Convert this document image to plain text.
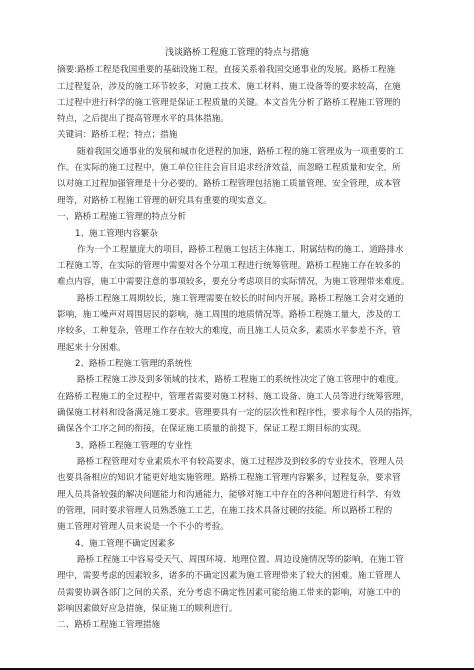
浅谈路桥工程施工管理的特点与措施
摘要:路桥工程是我国重要的基础设施工程，直接关系着我国交通事业的发展。路桥工程施
工过程复杂，涉及的施工环节较多，对施工技术、施工材料、施工设备等的要求较高，在施
工过程中进行科学的施工管理是保证工程质量的关键。本文首先分析了路桥工程施工管理的
特点，之后提出了提高管理水平的具体措施。
关键词：路桥工程；特点；措施
随着我国交通事业的发展和城市化进程的加速，路桥工程的施工管理成为一项重要的工
作。在实际的施工过程中，施工单位往往会盲目追求经济效益，而忽略工程质量和安全，所
以对施工过程加强管理是十分必要的。路桥工程管理包括施工质量管理、安全管理，成本管
理等，对路桥工程施工管理的研究具有重要的现实意义。
一、路桥工程施工管理的特点分析
1、施工管理内容繁杂
作为一个工程量庞大的项目，路桥工程施工包括主体施工、附属结构的施工、道路排水
工程施工等，在实际的管理中需要对各个分项工程进行统筹管理。路桥工程施工存在较多的
难点内容，施工中需要注意的事项较多，要充分考虑项目的实际情况，为施工管理带来难度。
路桥工程施工周期较长，施工管理需要在较长的时间内开展。路桥工程施工会对交通的
影响，施工噪声对周围居民的影响，施工周围的地质情况等。路桥工程施工量大，涉及的工
序较多，工种复杂，管理工作存在较大的难度，而且施工人员众多，素质水平参差不齐，管
理起来十分困难。
2、路桥工程施工管理的系统性
路桥工程施工涉及到多领域的技术，路桥工程施工的系统性决定了施工管理中的难度。
在路桥工程施工的全过程中，管理者需要对施工材料、施工设备、施工人员等进行统筹管理，
确保施工材料和设备满足施工要求。管理要具有一定的层次性和程序性，要求每个人员的指挥，
确保各个工序之间的衔接，在保证施工质量的前提下，保证工程工期目标的实现。
3、路桥工程施工管理的专业性
路桥工程管理对专业素质水平有较高要求，施工过程涉及到较多的专业技术，管理人员
也要具备相应的知识才能更好地实施管理。路桥工程施工管理内容繁多，过程复杂，要求管
理人员具备较强的解决问题能力和沟通能力，能够对施工中存在的各种问题进行科学、有效
的管理，同时要求管理人员熟悉施工工艺，在施工技术具备过硬的技能。所以路桥工程的
施工管理对管理人员来说是一个不小的考验。
4、施工管理不确定因素多
路桥工程施工中容易受天气、周围环境、地理位置、周边设施情况等的影响，在施工管
理中，需要考虑的因素较多，诸多的不确定因素为施工管理带来了较大的困难。施工管理人
员需要协调各部门之间的关系，充分考虑不确定性因素可能给施工带来的影响，对施工中的
影响因素做好应急措施，保证施工的顺利进行。
二、路桥工程施工管理措施
